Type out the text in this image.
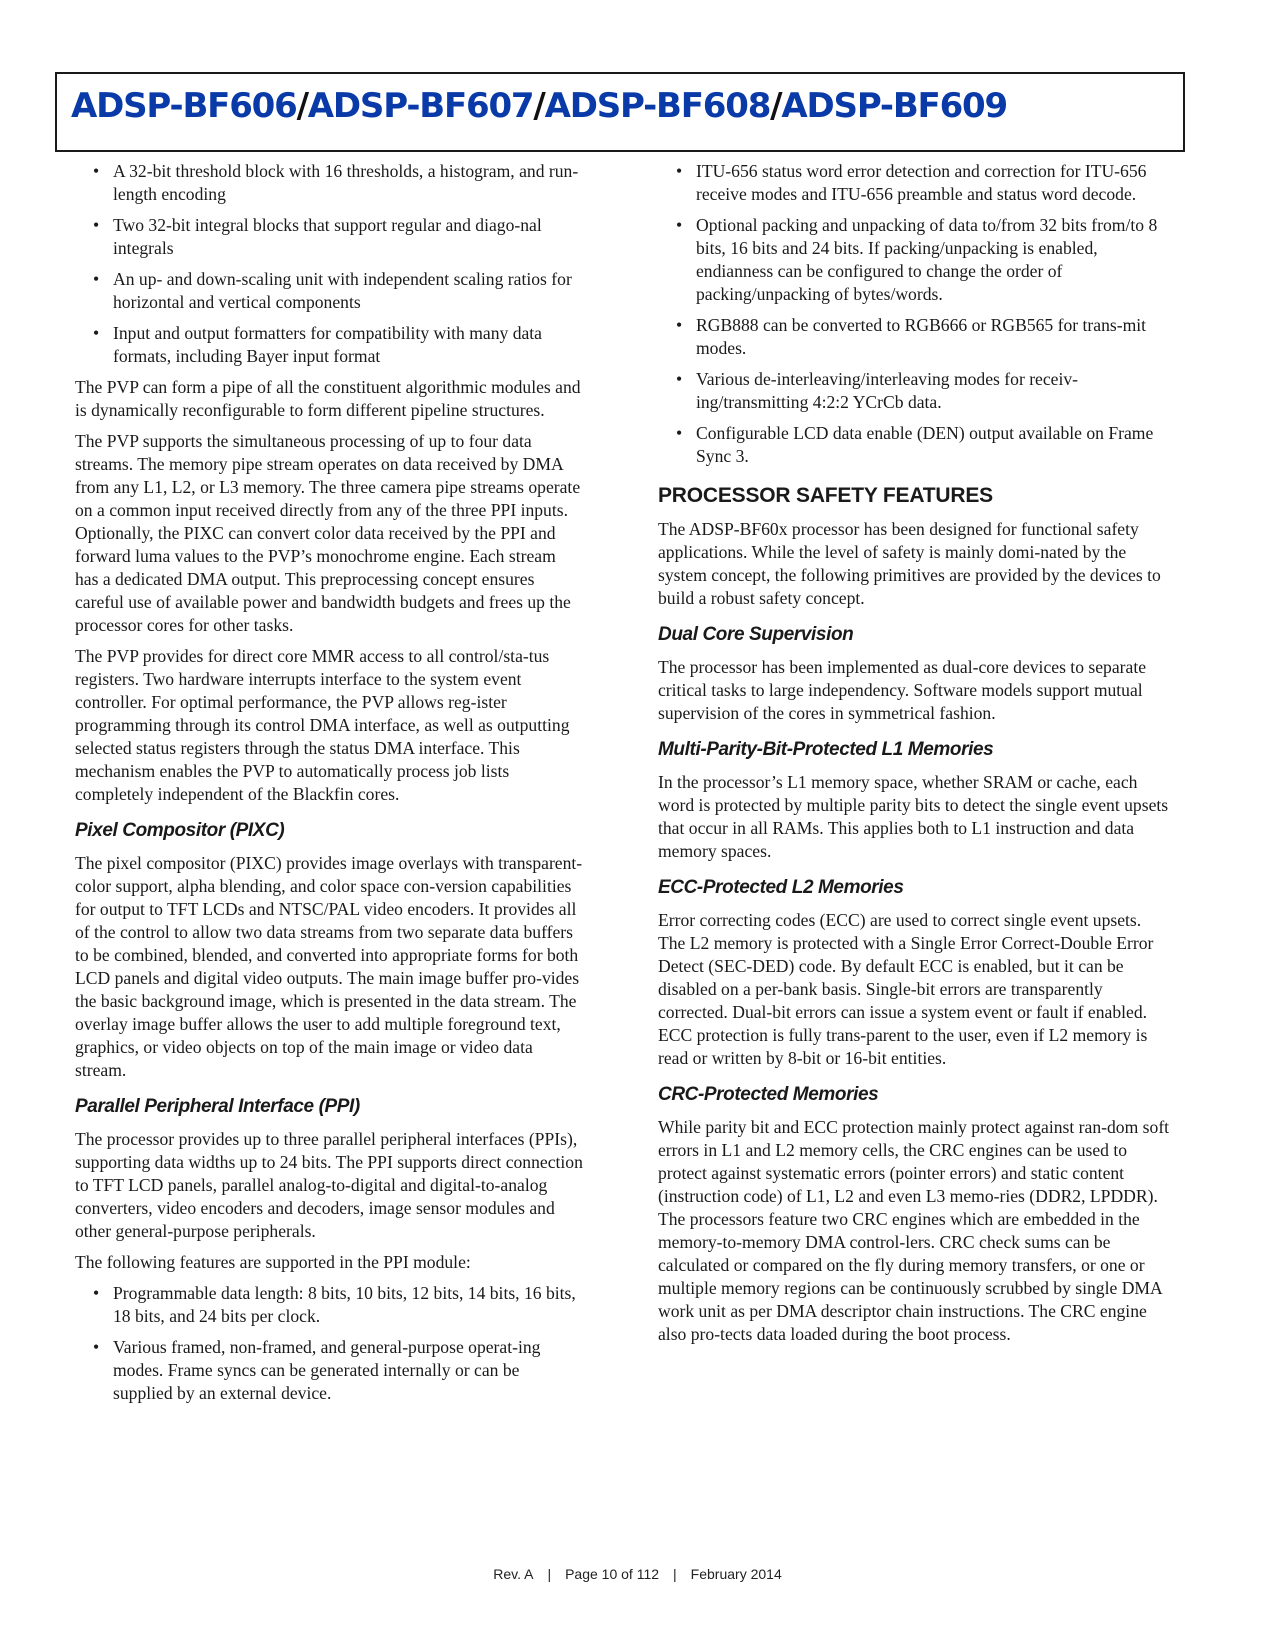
ADSP-BF606/ADSP-BF607/ADSP-BF608/ADSP-BF609
• A 32-bit threshold block with 16 thresholds, a histogram, and run-length encoding
• Two 32-bit integral blocks that support regular and diago-nal integrals
• An up- and down-scaling unit with independent scaling ratios for horizontal and vertical components
• Input and output formatters for compatibility with many data formats, including Bayer input format

The PVP can form a pipe of all the constituent algorithmic modules and is dynamically reconfigurable to form different pipeline structures.

The PVP supports the simultaneous processing of up to four data streams. The memory pipe stream operates on data received by DMA from any L1, L2, or L3 memory. The three camera pipe streams operate on a common input received directly from any of the three PPI inputs. Optionally, the PIXC can convert color data received by the PPI and forward luma values to the PVP’s monochrome engine. Each stream has a dedicated DMA output. This preprocessing concept ensures careful use of available power and bandwidth budgets and frees up the processor cores for other tasks.

The PVP provides for direct core MMR access to all control/sta-tus registers. Two hardware interrupts interface to the system event controller. For optimal performance, the PVP allows reg-ister programming through its control DMA interface, as well as outputting selected status registers through the status DMA interface. This mechanism enables the PVP to automatically process job lists completely independent of the Blackfin cores.

Pixel Compositor (PIXC)

The pixel compositor (PIXC) provides image overlays with transparent-color support, alpha blending, and color space con-version capabilities for output to TFT LCDs and NTSC/PAL video encoders. It provides all of the control to allow two data streams from two separate data buffers to be combined, blended, and converted into appropriate forms for both LCD panels and digital video outputs. The main image buffer pro-vides the basic background image, which is presented in the data stream. The overlay image buffer allows the user to add multiple foreground text, graphics, or video objects on top of the main image or video data stream.

Parallel Peripheral Interface (PPI)

The processor provides up to three parallel peripheral interfaces (PPIs), supporting data widths up to 24 bits. The PPI supports direct connection to TFT LCD panels, parallel analog-to-digital and digital-to-analog converters, video encoders and decoders, image sensor modules and other general-purpose peripherals.

The following features are supported in the PPI module:

• Programmable data length: 8 bits, 10 bits, 12 bits, 14 bits, 16 bits, 18 bits, and 24 bits per clock.
• Various framed, non-framed, and general-purpose operat-ing modes. Frame syncs can be generated internally or can be supplied by an external device.
• ITU-656 status word error detection and correction for ITU-656 receive modes and ITU-656 preamble and status word decode.
• Optional packing and unpacking of data to/from 32 bits from/to 8 bits, 16 bits and 24 bits. If packing/unpacking is enabled, endianness can be configured to change the order of packing/unpacking of bytes/words.
• RGB888 can be converted to RGB666 or RGB565 for trans-mit modes.
• Various de-interleaving/interleaving modes for receiv-ing/transmitting 4:2:2 YCrCb data.
• Configurable LCD data enable (DEN) output available on Frame Sync 3.
PROCESSOR SAFETY FEATURES

The ADSP-BF60x processor has been designed for functional safety applications. While the level of safety is mainly domi-nated by the system concept, the following primitives are provided by the devices to build a robust safety concept.

Dual Core Supervision

The processor has been implemented as dual-core devices to separate critical tasks to large independency. Software models support mutual supervision of the cores in symmetrical fashion.

Multi-Parity-Bit-Protected L1 Memories

In the processor’s L1 memory space, whether SRAM or cache, each word is protected by multiple parity bits to detect the single event upsets that occur in all RAMs. This applies both to L1 instruction and data memory spaces.

ECC-Protected L2 Memories

Error correcting codes (ECC) are used to correct single event upsets. The L2 memory is protected with a Single Error Correct-Double Error Detect (SEC-DED) code. By default ECC is enabled, but it can be disabled on a per-bank basis. Single-bit errors are transparently corrected. Dual-bit errors can issue a system event or fault if enabled. ECC protection is fully trans-parent to the user, even if L2 memory is read or written by 8-bit or 16-bit entities.

CRC-Protected Memories

While parity bit and ECC protection mainly protect against ran-dom soft errors in L1 and L2 memory cells, the CRC engines can be used to protect against systematic errors (pointer errors) and static content (instruction code) of L1, L2 and even L3 memo-ries (DDR2, LPDDR). The processors feature two CRC engines which are embedded in the memory-to-memory DMA control-lers. CRC check sums can be calculated or compared on the fly during memory transfers, or one or multiple memory regions can be continuously scrubbed by single DMA work unit as per DMA descriptor chain instructions. The CRC engine also pro-tects data loaded during the boot process.

Rev. A | Page 10 of 112 | February 2014
